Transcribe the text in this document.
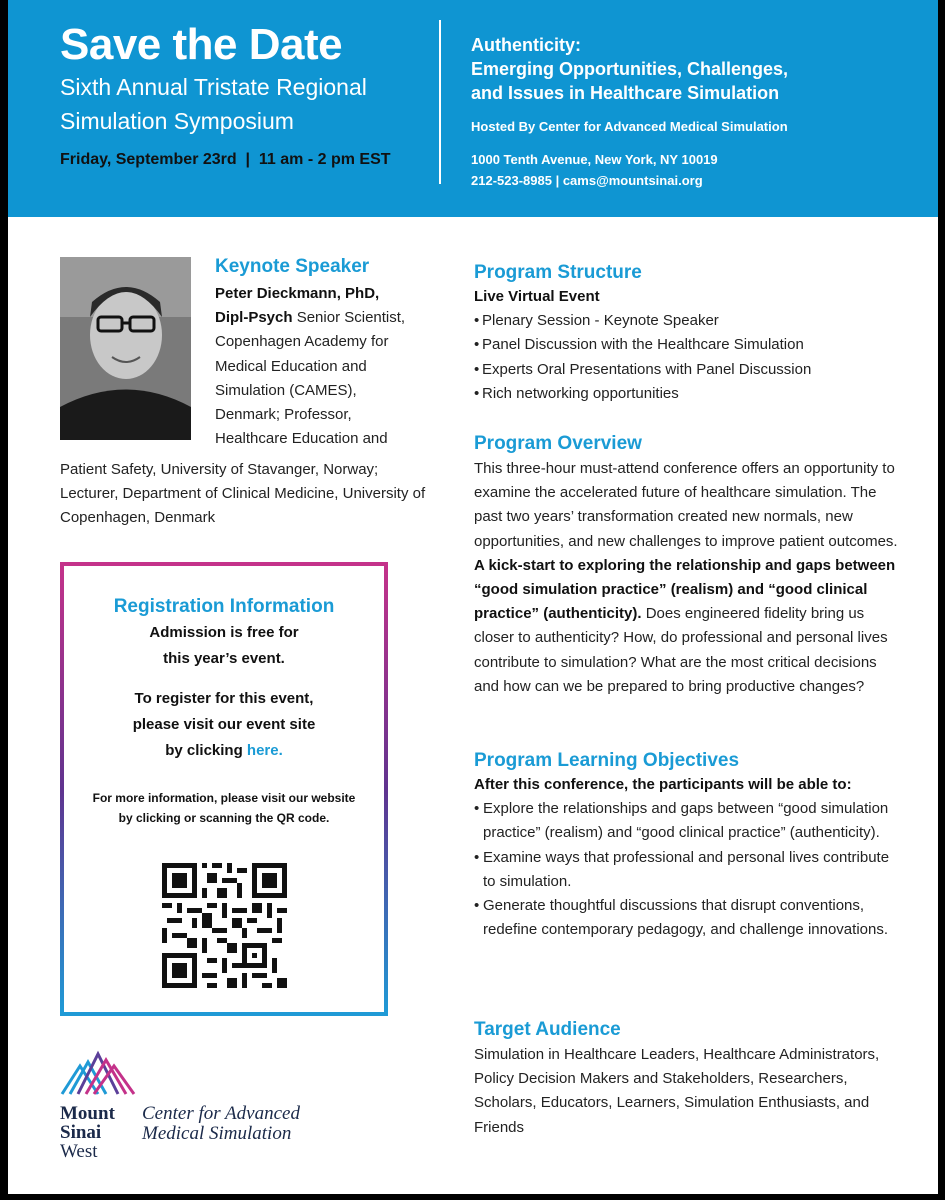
Save the Date
Sixth Annual Tristate Regional
Simulation Symposium
Friday, September 23rd  |  11 am - 2 pm EST
Authenticity:
Emerging Opportunities, Challenges,
and Issues in Healthcare Simulation
Hosted By Center for Advanced Medical Simulation
1000 Tenth Avenue, New York, NY 10019
212-523-8985 | cams@mountsinai.org
Keynote Speaker
Peter Dieckmann, PhD, Dipl-Psych Senior Scientist, Copenhagen Academy for Medical Education and Simulation (CAMES), Denmark; Professor, Healthcare Education and
Patient Safety, University of Stavanger, Norway; Lecturer, Department of Clinical Medicine, University of Copenhagen, Denmark
Registration Information
Admission is free for
this year’s event.
To register for this event,
please visit our event site
by clicking here.
For more information, please visit our website
by clicking or scanning the QR code.
Mount
Sinai
West
Center for Advanced
Medical Simulation
Program Structure
Live Virtual Event
• Plenary Session - Keynote Speaker
• Panel Discussion with the Healthcare Simulation
• Experts Oral Presentations with Panel Discussion
• Rich networking opportunities
Program Overview
This three-hour must-attend conference offers an opportunity to examine the accelerated future of healthcare simulation. The past two years’ transformation created new normals, new opportunities, and new challenges to improve patient outcomes. A kick-start to exploring the relationship and gaps between “good simulation practice” (realism) and “good clinical practice” (authenticity). Does engineered fidelity bring us closer to authenticity? How, do professional and personal lives contribute to simulation? What are the most critical decisions and how can we be prepared to bring productive changes?
Program Learning Objectives
After this conference, the participants will be able to:
• Explore the relationships and gaps between “good simulation practice” (realism) and “good clinical practice” (authenticity).
• Examine ways that professional and personal lives contribute to simulation.
• Generate thoughtful discussions that disrupt conventions, redefine contemporary pedagogy, and challenge innovations.
Target Audience
Simulation in Healthcare Leaders, Healthcare Administrators, Policy Decision Makers and Stakeholders, Researchers, Scholars, Educators, Learners, Simulation Enthusiasts, and Friends
